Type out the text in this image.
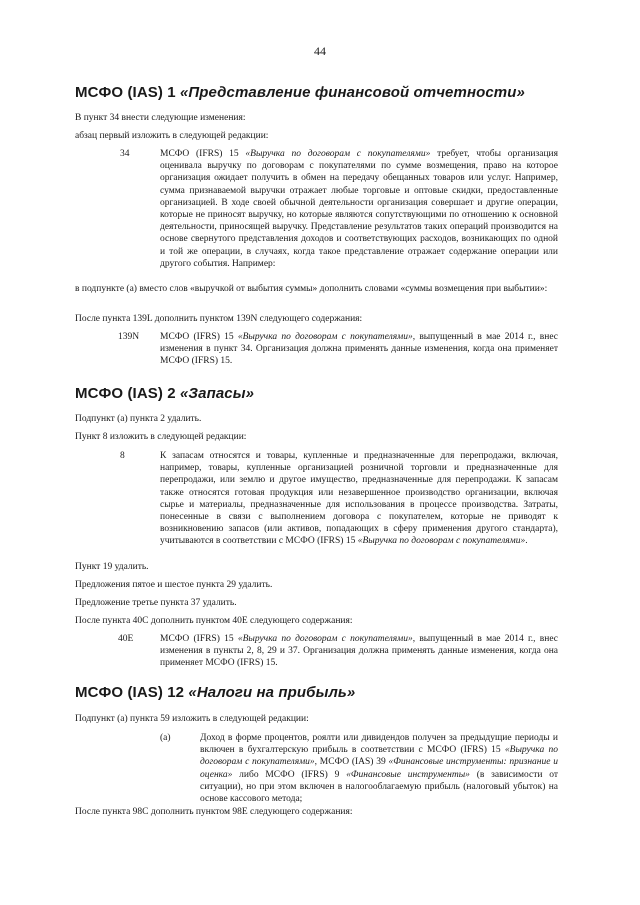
44
МСФО (IAS) 1 «Представление финансовой отчетности»

В пункт 34 внести следующие изменения:

абзац первый изложить в следующей редакции:

34	МСФО (IFRS) 15 «Выручка по договорам с покупателями» требует, чтобы организация оценивала выручку по договорам с покупателями по сумме возмещения, право на которое организация ожидает получить в обмен на передачу обещанных товаров или услуг. Например, сумма признаваемой выручки отражает любые торговые и оптовые скидки, предоставленные организацией. В ходе своей обычной деятельности организация совершает и другие операции, которые не приносят выручку, но которые являются сопутствующими по отношению к основной деятельности, приносящей выручку. Представление результатов таких операций производится на основе свернутого представления доходов и соответствующих расходов, возникающих по одной и той же операции, в случаях, когда такое представление отражает содержание операции или другого события. Например:

в подпункте (а) вместо слов «выручкой от выбытия суммы» дополнить словами «суммы возмещения при выбытии»:

После пункта 139L дополнить пунктом 139N следующего содержания:

139N МСФО (IFRS) 15 «Выручка по договорам с покупателями», выпущенный в мае 2014 г., внес изменения в пункт 34. Организация должна применять данные изменения, когда она применяет МСФО (IFRS) 15.

МСФО (IAS) 2 «Запасы»

Подпункт (а) пункта 2 удалить.

Пункт 8 изложить в следующей редакции:

8	К запасам относятся и товары, купленные и предназначенные для перепродажи, включая, например, товары, купленные организацией розничной торговли и предназначенные для перепродажи, или землю и другое имущество, предназначенные для перепродажи. К запасам также относятся готовая продукция или незавершенное производство организации, включая сырье и материалы, предназначенные для использования в процессе производства. Затраты, понесенные в связи с выполнением договора с покупателем, которые не приводят к возникновению запасов (или активов, попадающих в сферу применения другого стандарта), учитываются в соответствии с МСФО (IFRS) 15 «Выручка по договорам с покупателями».

Пункт 19 удалить.

Предложения пятое и шестое пункта 29 удалить.

Предложение третье пункта 37 удалить.

После пункта 40С дополнить пунктом 40Е следующего содержания:

40E	МСФО (IFRS) 15 «Выручка по договорам с покупателями», выпущенный в мае 2014 г., внес изменения в пункты 2, 8, 29 и 37. Организация должна применять данные изменения, когда она применяет МСФО (IFRS) 15.

МСФО (IAS) 12 «Налоги на прибыль»

Подпункт (а) пункта 59 изложить в следующей редакции:

(a)	Доход в форме процентов, роялти или дивидендов получен за предыдущие периоды и включен в бухгалтерскую прибыль в соответствии с МСФО (IFRS) 15 «Выручка по договорам с покупателями», МСФО (IAS) 39 «Финансовые инструменты: признание и оценка» либо МСФО (IFRS) 9 «Финансовые инструменты» (в зависимости от ситуации), но при этом включен в налогооблагаемую прибыль (налоговый убыток) на основе кассового метода;

После пункта 98С дополнить пунктом 98Е следующего содержания:
